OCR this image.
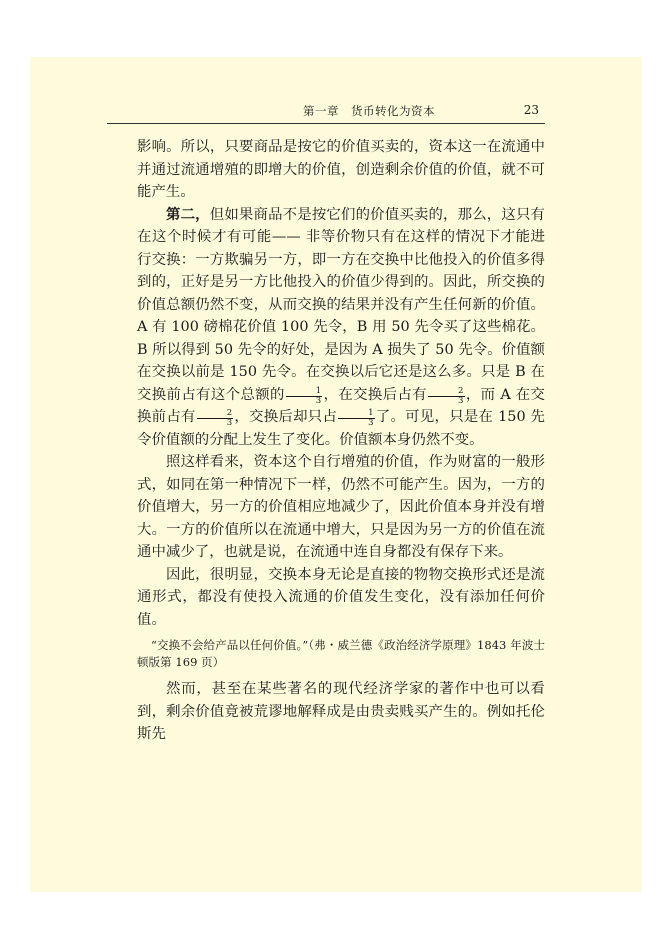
第一章　货币转化为资本	23

影响。所以，只要商品是按它的价值买卖的，资本这一在流通中并通过流通增殖的即增大的价值，创造剩余价值的价值，就不可能产生。

第二，但如果商品不是按它们的价值买卖的，那么，这只有在这个时候才有可能—— 非等价物只有在这样的情况下才能进行交换：一方欺骗另一方，即一方在交换中比他投入的价值多得到的，正好是另一方比他投入的价值少得到的。因此，所交换的价值总额仍然不变，从而交换的结果并没有产生任何新的价值。A 有 100 磅棉花价值 100 先令，B 用 50 先令买了这些棉花。B 所以得到 50 先令的好处，是因为 A 损失了 50 先令。价值额在交换以前是 150 先令。在交换以后它还是这么多。只是 B 在交换前占有这个总额的 $\frac{1}{3}$ ，在交换后占有 $\frac{2}{3}$ ，而 A 在交换前占有 $\frac{2}{3}$ ，交换后却只占 $\frac{1}{3}$ 了。可见，只是在 150 先令价值额的分配上发生了变化。价值额本身仍然不变。

照这样看来，资本这个自行增殖的价值，作为财富的一般形式，如同在第一种情况下一样，仍然不可能产生。因为，一方的价值增大，另一方的价值相应地减少了，因此价值本身并没有增大。一方的价值所以在流通中增大，只是因为另一方的价值在流通中减少了，也就是说，在流通中连自身都没有保存下来。

因此，很明显，交换本身无论是直接的物物交换形式还是流通形式，都没有使投入流通的价值发生变化，没有添加任何价值。

“交换不会给产品以任何价值。”（弗・威兰德《政治经济学原理》1843 年波士顿版第 169 页）

然而，甚至在某些著名的现代经济学家的著作中也可以看到，剩余价值竟被荒谬地解释成是由贵卖贱买产生的。例如托伦斯先
